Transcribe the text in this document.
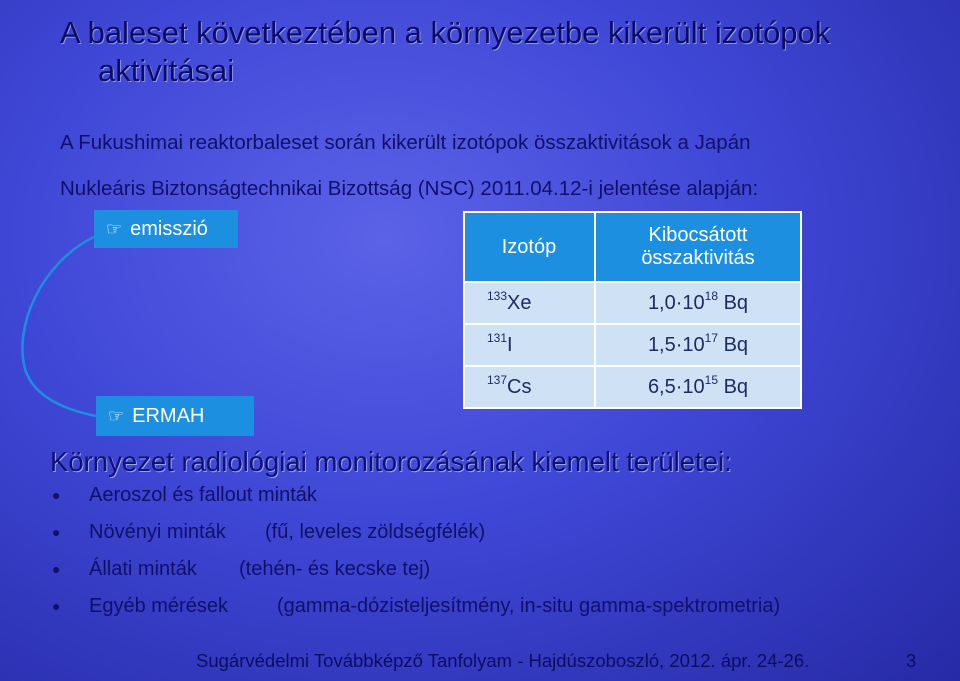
A baleset következtében a környezetbe kikerült izotópok
aktivitásai
A Fukushimai reaktorbaleset során kikerült izotópok összaktivitások a Japán
Nukleáris Biztonságtechnikai Bizottság (NSC) 2011.04.12-i jelentése alapján:
☞ emisszió
☞ ERMAH
Izotóp	Kibocsátott összaktivitás
$^{133}$Xe	$1,0\cdot 10^{18}$ Bq
$^{131}$I	$1,5\cdot 10^{17}$ Bq
$^{137}$Cs	$6,5\cdot 10^{15}$ Bq
Környezet radiológiai monitorozásának kiemelt területei:
●	Aeroszol és fallout minták
●	Növényi minták	(fű, leveles zöldségfélék)
●	Állati minták	(tehén- és kecske tej)
●	Egyéb mérések	(gamma-dózisteljesítmény, in-situ gamma-spektrometria)
Sugárvédelmi Továbbképző Tanfolyam - Hajdúszoboszló, 2012. ápr. 24-26.	3
